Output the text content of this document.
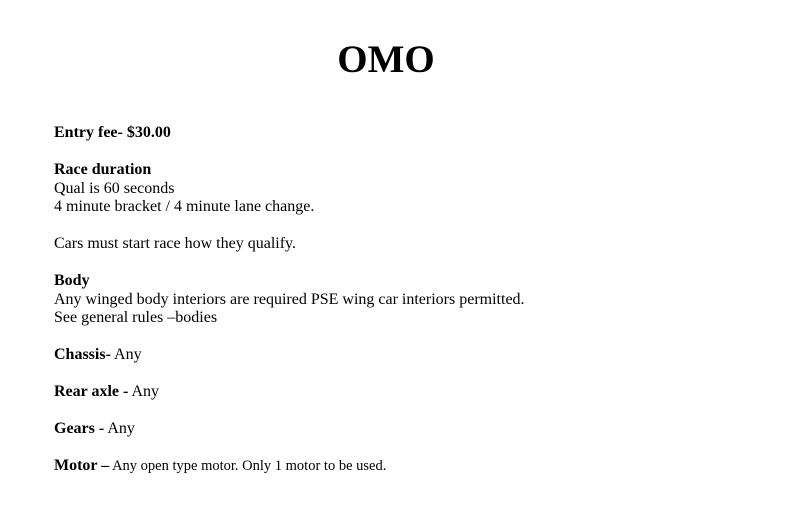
OMO
Entry fee- $30.00
Race duration
Qual is 60 seconds
4 minute bracket / 4 minute lane change.
Cars must start race how they qualify.
Body
Any winged body interiors are required PSE wing car interiors permitted.
See general rules –bodies
Chassis- Any
Rear axle - Any
Gears - Any
Motor – Any open type motor. Only 1 motor to be used.
